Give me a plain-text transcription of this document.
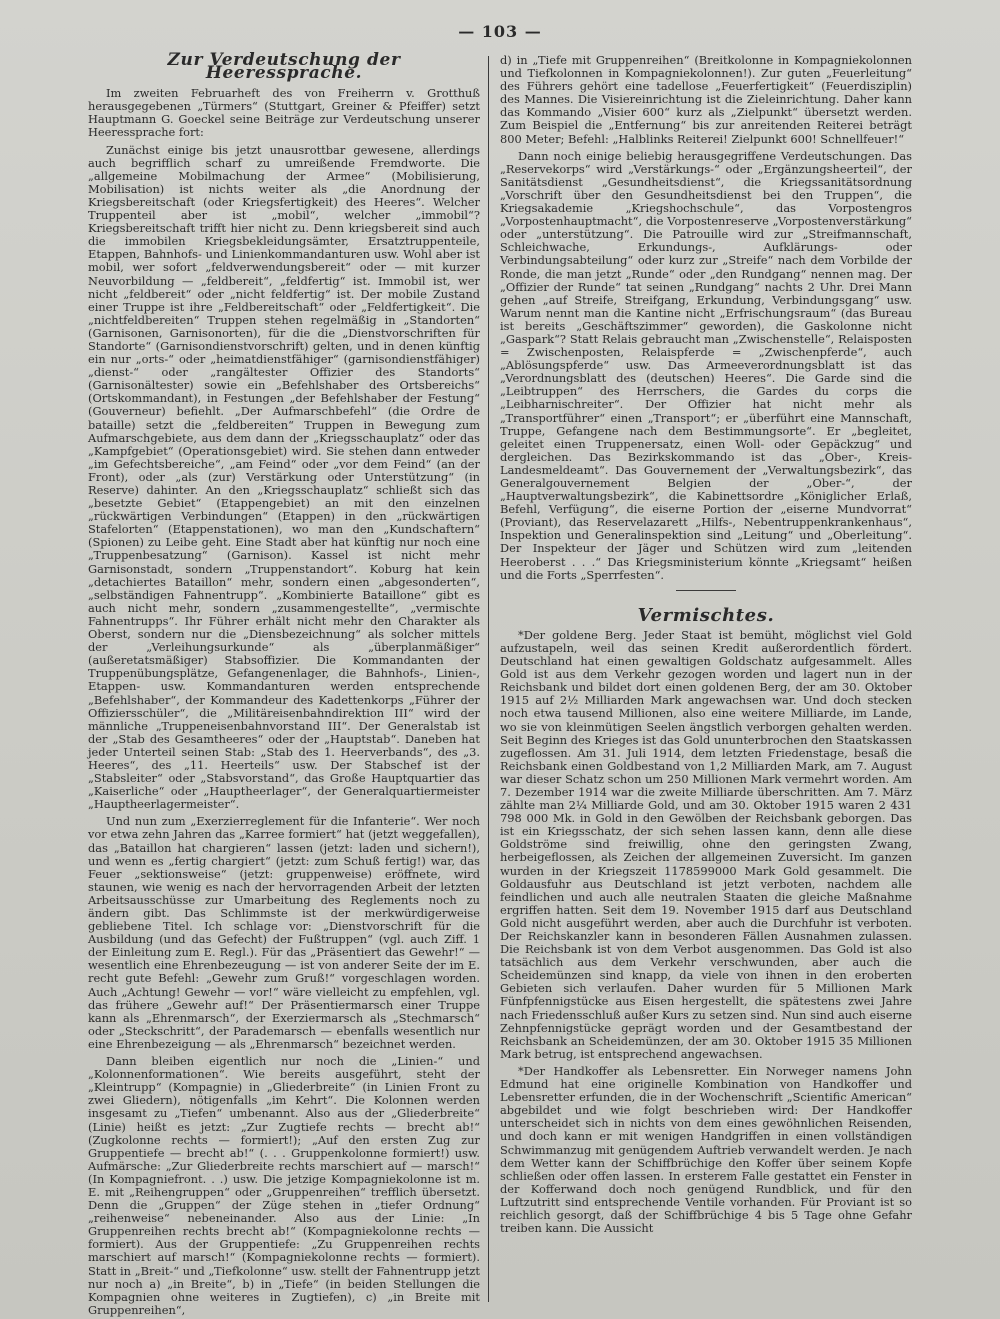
— 103 —
Zur Verdeutschung der Heeressprache.

Im zweiten Februarheft des von Freiherrn v. Grotthuß herausgegebenen „Türmers“ (Stuttgart, Greiner & Pfeiffer) setzt Hauptmann G. Goeckel seine Beiträge zur Verdeutschung unserer Heeressprache fort:

Zunächst einige bis jetzt unausrottbar gewesene, allerdings auch begrifflich scharf zu umreißende Fremdworte. Die „allgemeine Mobilmachung der Armee“ (Mobilisierung, Mobilisation) ist nichts weiter als „die Anordnung der Kriegsbereitschaft (oder Kriegsfertigkeit) des Heeres“. Welcher Truppenteil aber ist „mobil“, welcher „immobil“? Kriegsbereitschaft trifft hier nicht zu. Denn kriegsbereit sind auch die immobilen Kriegsbekleidungsämter, Ersatztruppenteile, Etappen, Bahnhofs- und Linienkommandanturen usw. Wohl aber ist mobil, wer sofort „feldverwendungsbereit“ oder — mit kurzer Neuvorbildung — „feldbereit“, „feldfertig“ ist. Immobil ist, wer nicht „feldbereit“ oder „nicht feldfertig“ ist. Der mobile Zustand einer Truppe ist ihre „Feldbereitschaft“ oder „Feldfertigkeit“. Die „nichtfeldbereiten“ Truppen stehen regelmäßig in „Standorten“ (Garnisonen, Garnisonorten), für die die „Dienstvorschriften für Standorte“ (Garnisondienstvorschrift) gelten, und in denen künftig ein nur „orts-“ oder „heimatdienstfähiger“ (garnisondienstfähiger) „dienst-“ oder „rangältester Offizier des Standorts“ (Garnisonältester) sowie ein „Befehlshaber des Ortsbereichs“ (Ortskommandant), in Festungen „der Befehlshaber der Festung“ (Gouverneur) befiehlt. „Der Aufmarschbefehl“ (die Ordre de bataille) setzt die „feldbereiten“ Truppen in Bewegung zum Aufmarschgebiete, aus dem dann der „Kriegsschauplatz“ oder das „Kampfgebiet“ (Operationsgebiet) wird. Sie stehen dann entweder „im Gefechtsbereiche“, „am Feind“ oder „vor dem Feind“ (an der Front), oder „als (zur) Verstärkung oder Unterstützung“ (in Reserve) dahinter. An den „Kriegsschauplatz“ schließt sich das „besetzte Gebiet“ (Etappengebiet) an mit den einzelnen „rückwärtigen Verbindungen“ (Etappen) in den „rückwärtigen Stafelorten“ (Etappenstationen), wo man den „Kundschaftern“ (Spionen) zu Leibe geht. Eine Stadt aber hat künftig nur noch eine „Truppenbesatzung“ (Garnison). Kassel ist nicht mehr Garnisonstadt, sondern „Truppenstandort“. Koburg hat kein „detachiertes Bataillon“ mehr, sondern einen „abgesonderten“, „selbständigen Fahnentrupp“. „Kombinierte Bataillone“ gibt es auch nicht mehr, sondern „zusammengestellte“, „vermischte Fahnentrupps“. Ihr Führer erhält nicht mehr den Charakter als Oberst, sondern nur die „Diensbezeichnung“ als solcher mittels der „Verleihungsurkunde“ als „überplanmäßiger“ (außeretatsmäßiger) Stabsoffizier. Die Kommandanten der Truppenübungsplätze, Gefangenenlager, die Bahnhofs-, Linien-, Etappen- usw. Kommandanturen werden entsprechende „Befehlshaber“, der Kommandeur des Kadettenkorps „Führer der Offiziersschüler“, die „Militäreisenbahndirektion III“ wird der männliche „Truppeneisenbahnvorstand III“. Der Generalstab ist der „Stab des Gesamtheeres“ oder der „Hauptstab“. Daneben hat jeder Unterteil seinen Stab: „Stab des 1. Heerverbands“, des „3. Heeres“, des „11. Heerteils“ usw. Der Stabschef ist der „Stabsleiter“ oder „Stabsvorstand“, das Große Hauptquartier das „Kaiserliche“ oder „Hauptheerlager“, der Generalquartiermeister „Hauptheerlagermeister“.

Und nun zum „Exerzierreglement für die Infanterie“. Wer noch vor etwa zehn Jahren das „Karree formiert“ hat (jetzt weggefallen), das „Bataillon hat chargieren“ lassen (jetzt: laden und sichern!), und wenn es „fertig chargiert“ (jetzt: zum Schuß fertig!) war, das Feuer „sektionsweise“ (jetzt: gruppenweise) eröffnete, wird staunen, wie wenig es nach der hervorragenden Arbeit der letzten Arbeitsausschüsse zur Umarbeitung des Reglements noch zu ändern gibt. Das Schlimmste ist der merkwürdigerweise gebliebene Titel. Ich schlage vor: „Dienstvorschrift für die Ausbildung (und das Gefecht) der Fußtruppen“ (vgl. auch Ziff. 1 der Einleitung zum E. Regl.). Für das „Präsentiert das Gewehr!“ — wesentlich eine Ehrenbezeugung — ist von anderer Seite der im E. recht gute Befehl: „Gewehr zum Gruß!“ vorgeschlagen worden. Auch „Achtung! Gewehr — vor!“ wäre vielleicht zu empfehlen, vgl. das frühere „Gewehr auf!“ Der Präsentiermarsch einer Truppe kann als „Ehrenmarsch“, der Exerziermarsch als „Stechmarsch“ oder „Steckschritt“, der Parademarsch — ebenfalls wesentlich nur eine Ehrenbezeigung — als „Ehrenmarsch“ bezeichnet werden.

Dann bleiben eigentlich nur noch die „Linien-“ und „Kolonnenformationen“. Wie bereits ausgeführt, steht der „Kleintrupp“ (Kompagnie) in „Gliederbreite“ (in Linien Front zu zwei Gliedern), nötigenfalls „im Kehrt“. Die Kolonnen werden insgesamt zu „Tiefen“ umbenannt. Also aus der „Gliederbreite“ (Linie) heißt es jetzt: „Zur Zugtiefe rechts — brecht ab!“ (Zugkolonne rechts — formiert!); „Auf den ersten Zug zur Gruppentiefe — brecht ab!“ (. . . Gruppenkolonne formiert!) usw. Aufmärsche: „Zur Gliederbreite rechts marschiert auf — marsch!“ (In Kompagniefront. . .) usw. Die jetzige Kompagniekolonne ist m. E. mit „Reihengruppen“ oder „Gruppenreihen“ trefflich übersetzt. Denn die „Gruppen“ der Züge stehen in „tiefer Ordnung“ „reihenweise“ nebeneinander. Also aus der Linie: „In Gruppenreihen rechts brecht ab!“ (Kompagniekolonne rechts — formiert). Aus der Gruppentiefe: „Zu Gruppenreihen rechts marschiert auf marsch!“ (Kompagniekolonne rechts — formiert). Statt in „Breit-“ und „Tiefkolonne“ usw. stellt der Fahnentrupp jetzt nur noch a) „in Breite“, b) in „Tiefe“ (in beiden Stellungen die Kompagnien ohne weiteres in Zugtiefen), c) „in Breite mit Gruppenreihen“,

d) in „Tiefe mit Gruppenreihen“ (Breitkolonne in Kompagniekolonnen und Tiefkolonnen in Kompagniekolonnen!). Zur guten „Feuerleitung“ des Führers gehört eine tadellose „Feuerfertigkeit“ (Feuerdisziplin) des Mannes. Die Visiereinrichtung ist die Zieleinrichtung. Daher kann das Kommando „Visier 600“ kurz als „Zielpunkt“ übersetzt werden. Zum Beispiel die „Entfernung“ bis zur anreitenden Reiterei beträgt 800 Meter; Befehl: „Halblinks Reiterei! Zielpunkt 600! Schnellfeuer!“

Dann noch einige beliebig herausgegriffene Verdeutschungen. Das „Reservekorps“ wird „Verstärkungs-“ oder „Ergänzungsheerteil“, der Sanitätsdienst „Gesundheitsdienst“, die Kriegssanitätsordnung „Vorschrift über den Gesundheitsdienst bei den Truppen“, die Kriegsakademie „Kriegshochschule“, das Vorpostengros „Vorpostenhauptmacht“, die Vorpostenreserve „Vorpostenverstärkung“ oder „unterstützung“. Die Patrouille wird zur „Streifmannschaft, Schleichwache, Erkundungs-, Aufklärungs- oder Verbindungsabteilung“ oder kurz zur „Streife“ nach dem Vorbilde der Ronde, die man jetzt „Runde“ oder „den Rundgang“ nennen mag. Der „Offizier der Runde“ tat seinen „Rundgang“ nachts 2 Uhr. Drei Mann gehen „auf Streife, Streifgang, Erkundung, Verbindungsgang“ usw. Warum nennt man die Kantine nicht „Erfrischungsraum“ (das Bureau ist bereits „Geschäftszimmer“ geworden), die Gaskolonne nicht „Gaspark“? Statt Relais gebraucht man „Zwischenstelle“, Relaisposten = Zwischenposten, Relaispferde = „Zwischenpferde“, auch „Ablösungspferde“ usw. Das Armeeverordnungsblatt ist das „Verordnungsblatt des (deutschen) Heeres“. Die Garde sind die „Leibtruppen“ des Herrschers, die Gardes du corps die „Leibharnischreiter“. Der Offizier hat nicht mehr als „Transportführer“ einen „Transport“; er „überführt eine Mannschaft, Truppe, Gefangene nach dem Bestimmungsorte“. Er „begleitet, geleitet einen Truppenersatz, einen Woll- oder Gepäckzug“ und dergleichen. Das Bezirkskommando ist das „Ober-, Kreis-Landesmeldeamt“. Das Gouvernement der „Verwaltungsbezirk“, das Generalgouvernement Belgien der „Ober-“, der „Hauptverwaltungsbezirk“, die Kabinettsordre „Königlicher Erlaß, Befehl, Verfügung“, die eiserne Portion der „eiserne Mundvorrat“ (Proviant), das Reservelazarett „Hilfs-, Nebentruppenkrankenhaus“, Inspektion und Generalinspektion sind „Leitung“ und „Oberleitung“. Der Inspekteur der Jäger und Schützen wird zum „leitenden Heeroberst . . .“ Das Kriegsministerium könnte „Kriegsamt“ heißen und die Forts „Sperrfesten“.

Vermischtes.

*Der goldene Berg. Jeder Staat ist bemüht, möglichst viel Gold aufzustapeln, weil das seinen Kredit außerordentlich fördert. Deutschland hat einen gewaltigen Goldschatz aufgesammelt. Alles Gold ist aus dem Verkehr gezogen worden und lagert nun in der Reichsbank und bildet dort einen goldenen Berg, der am 30. Oktober 1915 auf 2½ Milliarden Mark angewachsen war. Und doch stecken noch etwa tausend Millionen, also eine weitere Milliarde, im Lande, wo sie von kleinmütigen Seelen ängstlich verborgen gehalten werden. Seit Beginn des Krieges ist das Gold ununterbrochen den Staatskassen zugeflossen. Am 31. Juli 1914, dem letzten Friedenstage, besaß die Reichsbank einen Goldbestand von 1,2 Milliarden Mark, am 7. August war dieser Schatz schon um 250 Millionen Mark vermehrt worden. Am 7. Dezember 1914 war die zweite Milliarde überschritten. Am 7. März zählte man 2¼ Milliarde Gold, und am 30. Oktober 1915 waren 2 431 798 000 Mk. in Gold in den Gewölben der Reichsbank geborgen. Das ist ein Kriegsschatz, der sich sehen lassen kann, denn alle diese Goldströme sind freiwillig, ohne den geringsten Zwang, herbeigeflossen, als Zeichen der allgemeinen Zuversicht. Im ganzen wurden in der Kriegszeit 1178599000 Mark Gold gesammelt. Die Goldausfuhr aus Deutschland ist jetzt verboten, nachdem alle feindlichen und auch alle neutralen Staaten die gleiche Maßnahme ergriffen hatten. Seit dem 19. November 1915 darf aus Deutschland Gold nicht ausgeführt werden, aber auch die Durchfuhr ist verboten. Der Reichskanzler kann in besonderen Fällen Ausnahmen zulassen. Die Reichsbank ist von dem Verbot ausgenommen. Das Gold ist also tatsächlich aus dem Verkehr verschwunden, aber auch die Scheidemünzen sind knapp, da viele von ihnen in den eroberten Gebieten sich verlaufen. Daher wurden für 5 Millionen Mark Fünfpfennigstücke aus Eisen hergestellt, die spätestens zwei Jahre nach Friedensschluß außer Kurs zu setzen sind. Nun sind auch eiserne Zehnpfennigstücke geprägt worden und der Gesamtbestand der Reichsbank an Scheidemünzen, der am 30. Oktober 1915 35 Millionen Mark betrug, ist entsprechend angewachsen.

*Der Handkoffer als Lebensretter. Ein Norweger namens John Edmund hat eine originelle Kombination von Handkoffer und Lebensretter erfunden, die in der Wochenschrift „Scientific American“ abgebildet und wie folgt beschrieben wird: Der Handkoffer unterscheidet sich in nichts von dem eines gewöhnlichen Reisenden, und doch kann er mit wenigen Handgriffen in einen vollständigen Schwimmanzug mit genügendem Auftrieb verwandelt werden. Je nach dem Wetter kann der Schiffbrüchige den Koffer über seinem Kopfe schließen oder offen lassen. In ersterem Falle gestattet ein Fenster in der Kofferwand doch noch genügend Rundblick, und für den Luftzutritt sind entsprechende Ventile vorhanden. Für Proviant ist so reichlich gesorgt, daß der Schiffbrüchige 4 bis 5 Tage ohne Gefahr treiben kann. Die Aussicht
